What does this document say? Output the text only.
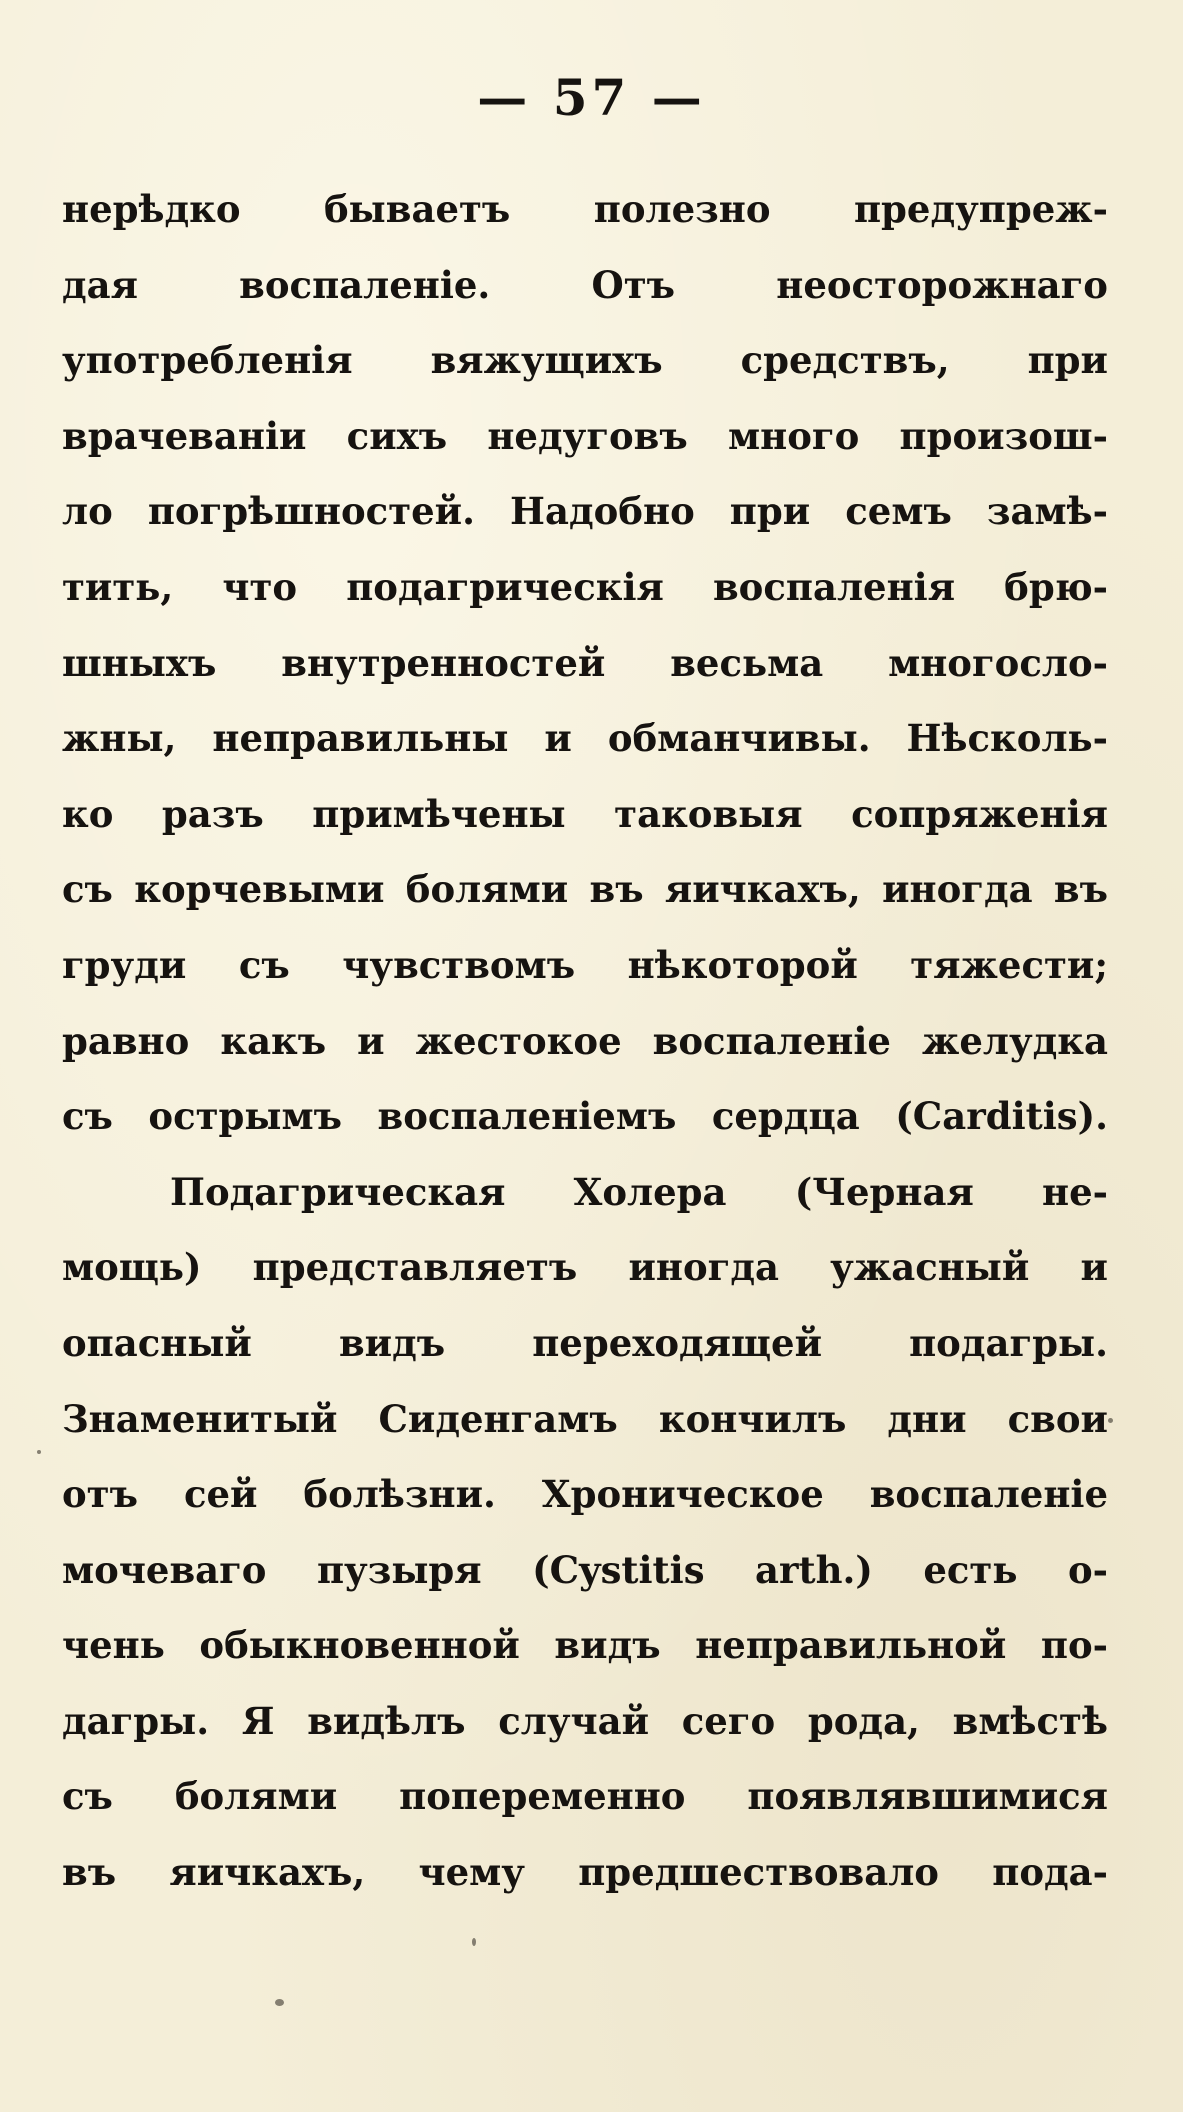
— 57 —
нерѣдко бываетъ полезно предупреж-
дая воспаленіе. Отъ неосторожнаго
употребленія вяжущихъ средствъ, при
врачеваніи сихъ недуговъ много произош-
ло погрѣшностей. Надобно при семъ замѣ-
тить, что подагрическія воспаленія брю-
шныхъ внутренностей весьма многосло-
жны, неправильны и обманчивы. Нѣсколь-
ко разъ примѣчены таковыя сопряженія
съ корчевыми болями въ яичкахъ, иногда въ
груди съ чувствомъ нѣкоторой тяжести;
равно какъ и жестокое воспаленіе желудка
съ острымъ воспаленіемъ сердца (Carditis).
Подагрическая Холера (Черная не-
мощь) представляетъ иногда ужасный и
опасный видъ переходящей подагры.
Знаменитый Сиденгамъ кончилъ дни свои
отъ сей болѣзни. Хроническое воспаленіе
мочеваго пузыря (Cystitis arth.) есть о-
чень обыкновенной видъ неправильной по-
дагры. Я видѣлъ случай сего рода, вмѣстѣ
съ болями попеременно появлявшимися
въ яичкахъ, чему предшествовало пода-
